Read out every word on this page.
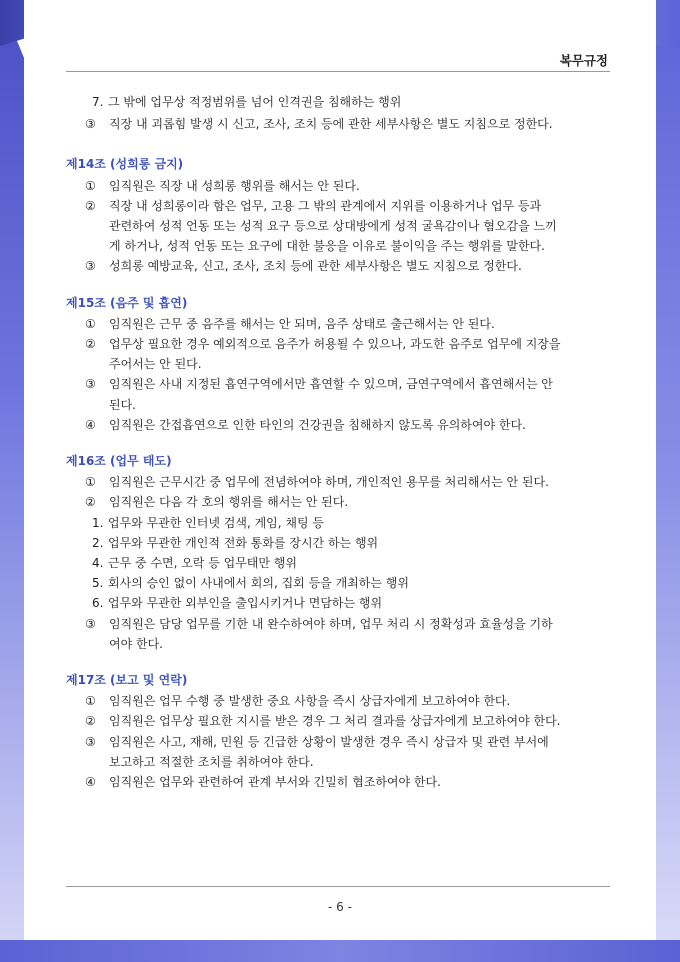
복무규정
7. 그 밖에 업무상 적정범위를 넘어 인격권을 침해하는 행위
③	직장 내 괴롭힘 발생 시 신고, 조사, 조치 등에 관한 세부사항은 별도 지침으로 정한다.
제14조 (성희롱 금지)
①	임직원은 직장 내 성희롱 행위를 해서는 안 된다.
②	직장 내 성희롱이라 함은 업무, 고용 그 밖의 관계에서 지위를 이용하거나 업무 등과
관련하여 성적 언동 또는 성적 요구 등으로 상대방에게 성적 굴욕감이나 혐오감을 느끼
게 하거나, 성적 언동 또는 요구에 대한 불응을 이유로 불이익을 주는 행위를 말한다.
③	성희롱 예방교육, 신고, 조사, 조치 등에 관한 세부사항은 별도 지침으로 정한다.
제15조 (음주 및 흡연)
①	임직원은 근무 중 음주를 해서는 안 되며, 음주 상태로 출근해서는 안 된다.
②	업무상 필요한 경우 예외적으로 음주가 허용될 수 있으나, 과도한 음주로 업무에 지장을
주어서는 안 된다.
③	임직원은 사내 지정된 흡연구역에서만 흡연할 수 있으며, 금연구역에서 흡연해서는 안
된다.
④	임직원은 간접흡연으로 인한 타인의 건강권을 침해하지 않도록 유의하여야 한다.
제16조 (업무 태도)
①	임직원은 근무시간 중 업무에 전념하여야 하며, 개인적인 용무를 처리해서는 안 된다.
②	임직원은 다음 각 호의 행위를 해서는 안 된다.
1. 업무와 무관한 인터넷 검색, 게임, 채팅 등
2. 업무와 무관한 개인적 전화 통화를 장시간 하는 행위
4. 근무 중 수면, 오락 등 업무태만 행위
5. 회사의 승인 없이 사내에서 회의, 집회 등을 개최하는 행위
6. 업무와 무관한 외부인을 출입시키거나 면담하는 행위
③	임직원은 담당 업무를 기한 내 완수하여야 하며, 업무 처리 시 정확성과 효율성을 기하
여야 한다.
제17조 (보고 및 연락)
①	임직원은 업무 수행 중 발생한 중요 사항을 즉시 상급자에게 보고하여야 한다.
②	임직원은 업무상 필요한 지시를 받은 경우 그 처리 결과를 상급자에게 보고하여야 한다.
③	임직원은 사고, 재해, 민원 등 긴급한 상황이 발생한 경우 즉시 상급자 및 관련 부서에
보고하고 적절한 조치를 취하여야 한다.
④	임직원은 업무와 관련하여 관계 부서와 긴밀히 협조하여야 한다.
- 6 -
